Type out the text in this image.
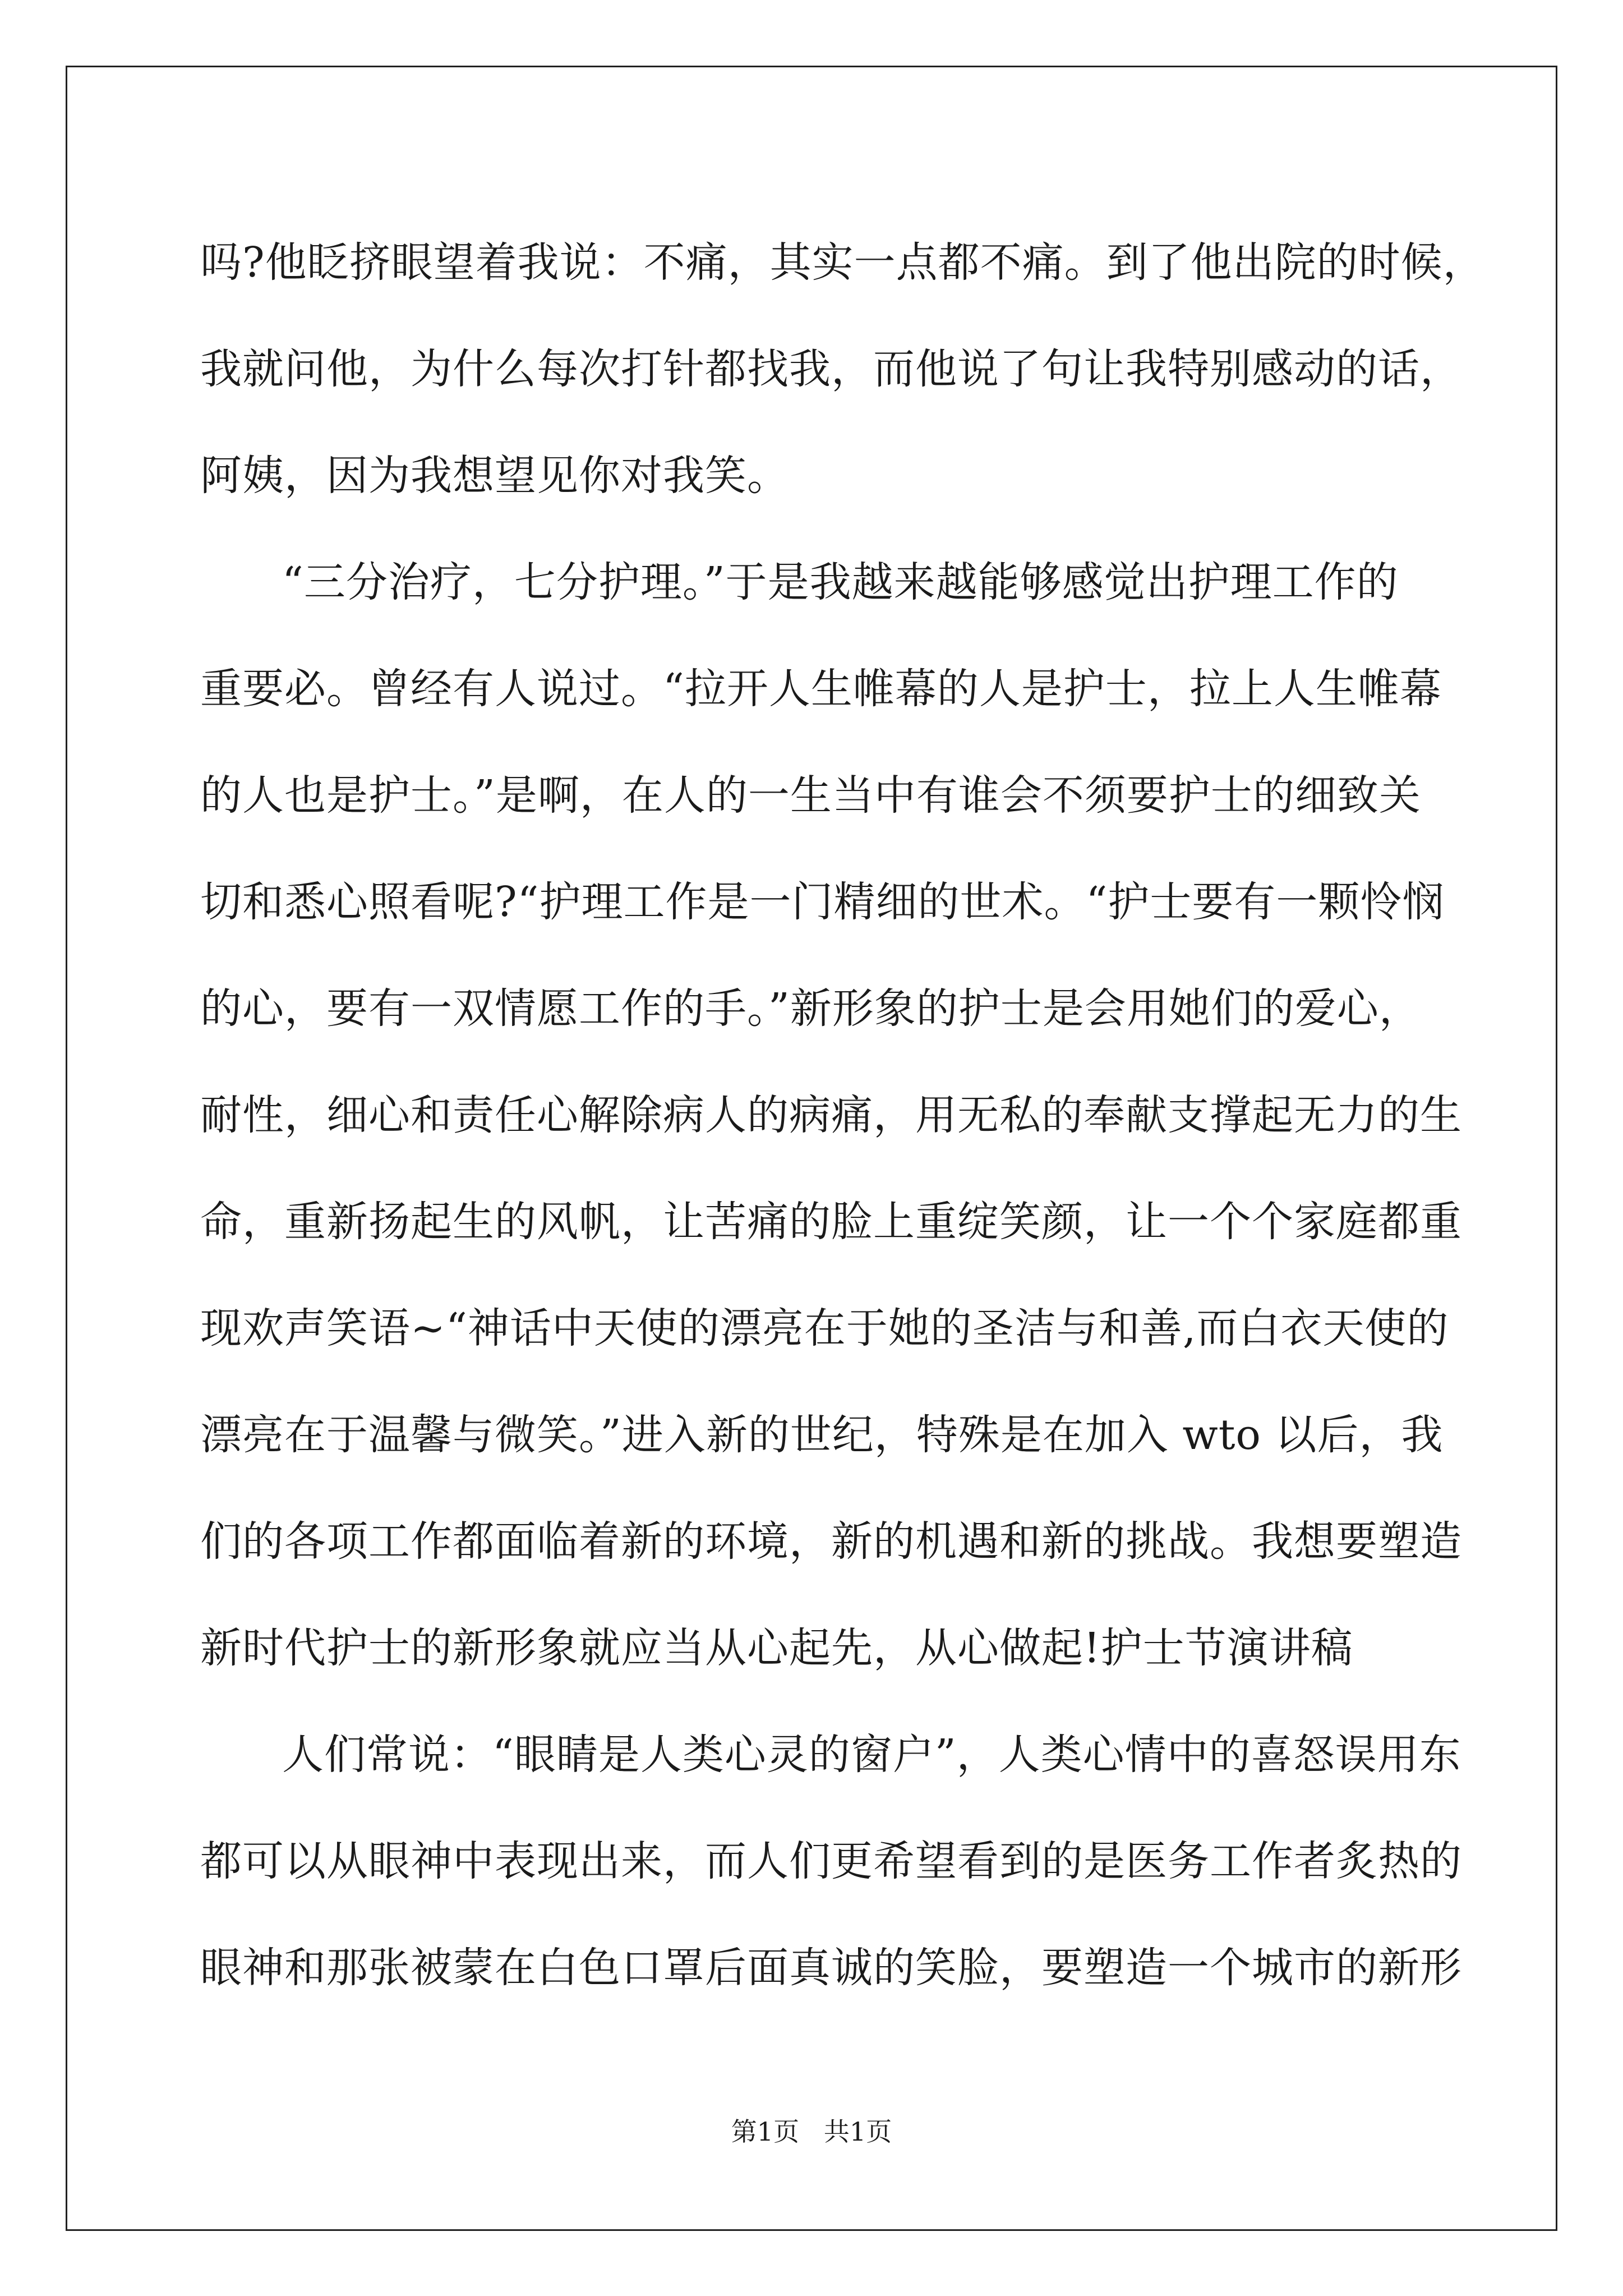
吗?他眨挤眼望着我说：不痛，其实一点都不痛。到了他出院的时候，
我就问他，为什么每次打针都找我，而他说了句让我特别感动的话，
阿姨，因为我想望见你对我笑。
“三分治疗，七分护理。”于是我越来越能够感觉出护理工作的
重要必。曾经有人说过。“拉开人生帷幕的人是护士，拉上人生帷幕
的人也是护士。”是啊，在人的一生当中有谁会不须要护士的细致关
切和悉心照看呢?“护理工作是一门精细的世术。“护士要有一颗怜悯
的心，要有一双情愿工作的手。”新形象的护士是会用她们的爱心，
耐性，细心和责任心解除病人的病痛，用无私的奉献支撑起无力的生
命，重新扬起生的风帆，让苦痛的脸上重绽笑颜，让一个个家庭都重
现欢声笑语~“神话中天使的漂亮在于她的圣洁与和善,而白衣天使的
漂亮在于温馨与微笑。”进入新的世纪，特殊是在加入 wto 以后，我
们的各项工作都面临着新的环境，新的机遇和新的挑战。我想要塑造
新时代护士的新形象就应当从心起先，从心做起!护士节演讲稿
人们常说：“眼睛是人类心灵的窗户”，人类心情中的喜怒误用东
都可以从眼神中表现出来，而人们更希望看到的是医务工作者炙热的
眼神和那张被蒙在白色口罩后面真诚的笑脸，要塑造一个城市的新形
第1页   共1页
